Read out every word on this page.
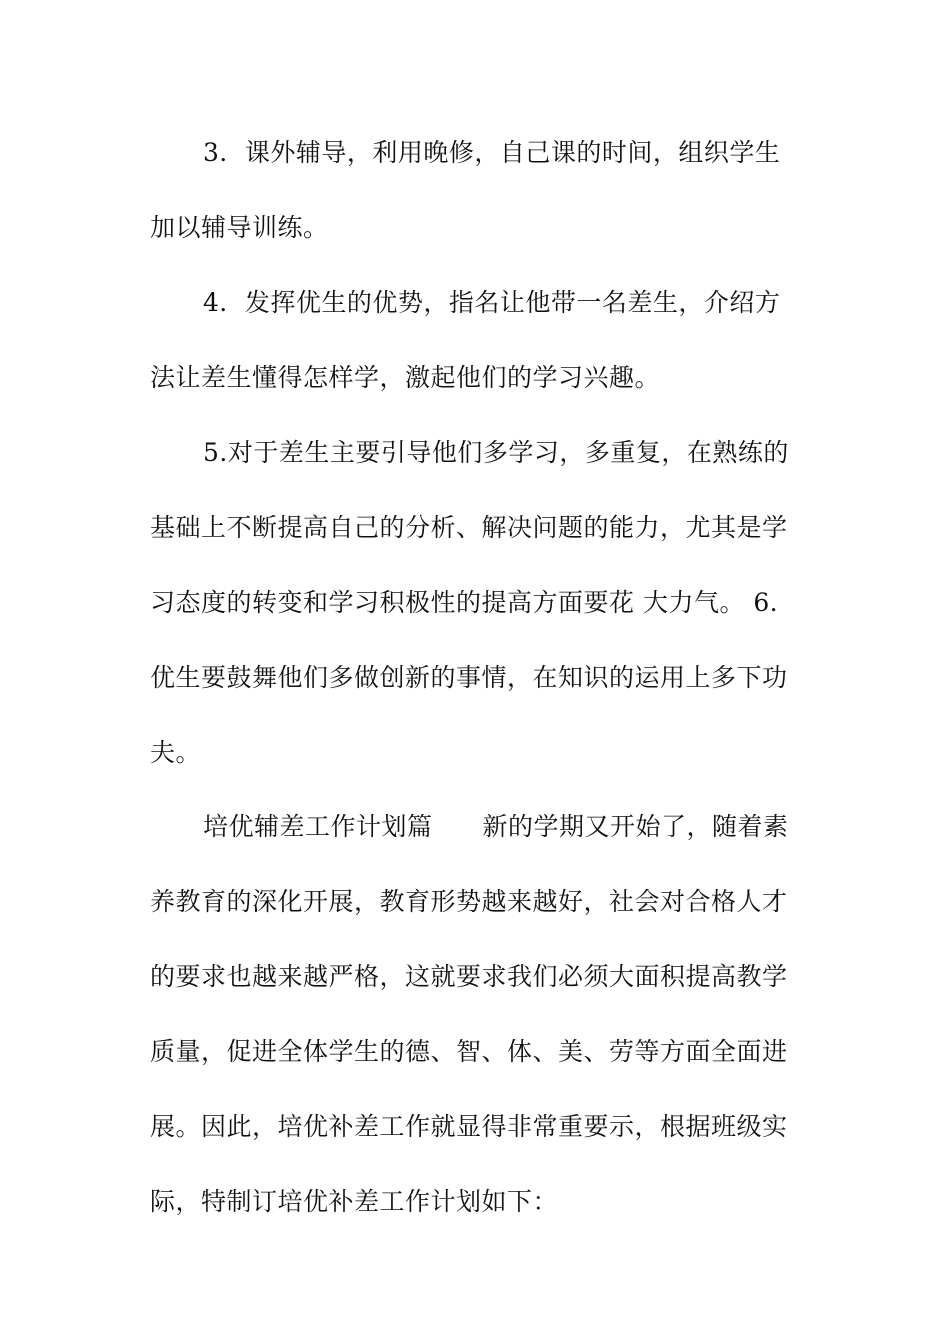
3．课外辅导，利用晚修，自己课的时间，组织学生
加以辅导训练。
4．发挥优生的优势，指名让他带一名差生，介绍方
法让差生懂得怎样学，激起他们的学习兴趣。
5.对于差生主要引导他们多学习，多重复，在熟练的
基础上不断提高自己的分析、解决问题的能力，尤其是学
习态度的转变和学习积极性的提高方面要花 大力气。 6．
优生要鼓舞他们多做创新的事情，在知识的运用上多下功
夫。
培优辅差工作计划篇 新的学期又开始了，随着素
养教育的深化开展，教育形势越来越好，社会对合格人才
的要求也越来越严格，这就要求我们必须大面积提高教学
质量，促进全体学生的德、智、体、美、劳等方面全面进
展。因此，培优补差工作就显得非常重要示，根据班级实
际，特制订培优补差工作计划如下：
